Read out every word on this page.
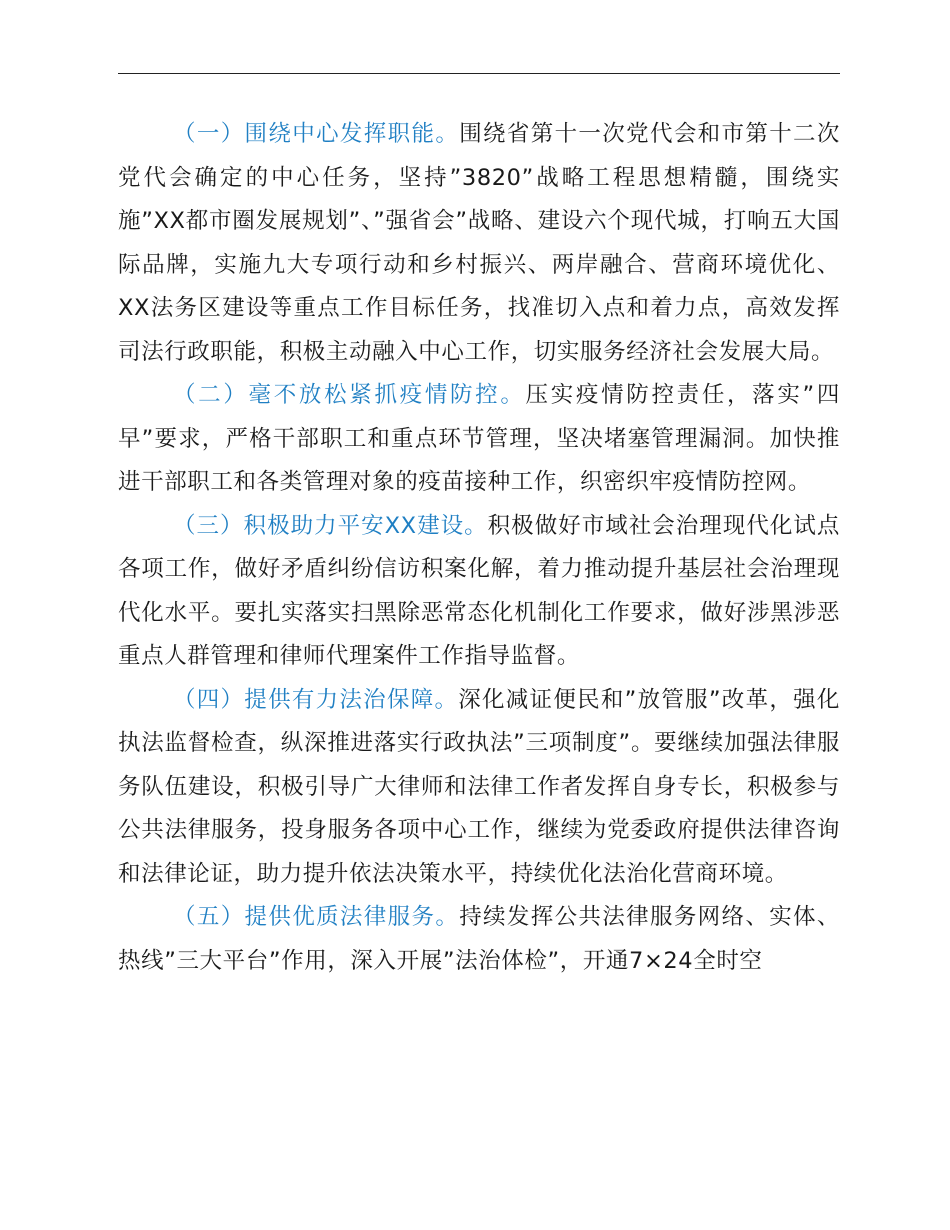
（一）围绕中心发挥职能。围绕省第十一次党代会和市第十二次党代会确定的中心任务，坚持”3820”战略工程思想精髓，围绕实施”XX都市圈发展规划”、”强省会”战略、建设六个现代城，打响五大国际品牌，实施九大专项行动和乡村振兴、两岸融合、营商环境优化、XX法务区建设等重点工作目标任务，找准切入点和着力点，高效发挥司法行政职能，积极主动融入中心工作，切实服务经济社会发展大局。

（二）毫不放松紧抓疫情防控。压实疫情防控责任，落实”四早”要求，严格干部职工和重点环节管理，坚决堵塞管理漏洞。加快推进干部职工和各类管理对象的疫苗接种工作，织密织牢疫情防控网。

（三）积极助力平安XX建设。积极做好市域社会治理现代化试点各项工作，做好矛盾纠纷信访积案化解，着力推动提升基层社会治理现代化水平。要扎实落实扫黑除恶常态化机制化工作要求，做好涉黑涉恶重点人群管理和律师代理案件工作指导监督。

（四）提供有力法治保障。深化减证便民和”放管服”改革，强化执法监督检查，纵深推进落实行政执法”三项制度”。要继续加强法律服务队伍建设，积极引导广大律师和法律工作者发挥自身专长，积极参与公共法律服务，投身服务各项中心工作，继续为党委政府提供法律咨询和法律论证，助力提升依法决策水平，持续优化法治化营商环境。

（五）提供优质法律服务。持续发挥公共法律服务网络、实体、热线”三大平台”作用，深入开展”法治体检”，开通7×24全时空
